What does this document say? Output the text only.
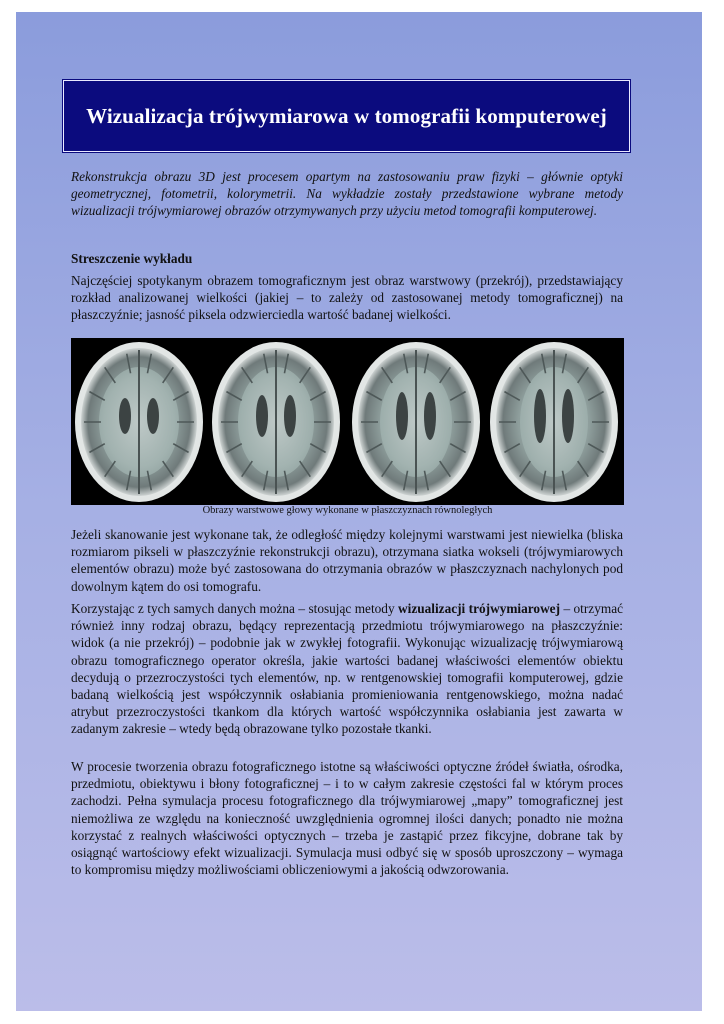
Wizualizacja trójwymiarowa w tomografii komputerowej
Rekonstrukcja obrazu 3D jest procesem opartym na zastosowaniu praw fizyki – głównie optyki geometrycznej, fotometrii, kolorymetrii. Na wykładzie zostały przedstawione wybrane metody wizualizacji trójwymiarowej obrazów otrzymywanych przy użyciu metod tomografii komputerowej.
Streszczenie wykładu
Najczęściej spotykanym obrazem tomograficznym jest obraz warstwowy (przekrój), przedstawiający rozkład analizowanej wielkości (jakiej – to zależy od zastosowanej metody tomograficznej) na płaszczyźnie; jasność piksela odzwierciedla wartość badanej wielkości.
Obrazy warstwowe głowy wykonane w płaszczyznach równoległych
Jeżeli skanowanie jest wykonane tak, że odległość między kolejnymi warstwami jest niewielka (bliska rozmiarom pikseli w płaszczyźnie rekonstrukcji obrazu), otrzymana siatka wokseli (trójwymiarowych elementów obrazu) może być zastosowana do otrzymania obrazów w płaszczyznach nachylonych pod dowolnym kątem do osi tomografu.
Korzystając z tych samych danych można – stosując metody wizualizacji trójwymiarowej – otrzymać również inny rodzaj obrazu, będący reprezentacją przedmiotu trójwymiarowego na płaszczyźnie: widok (a nie przekrój) – podobnie jak w zwykłej fotografii. Wykonując wizualizację trójwymiarową obrazu tomograficznego operator określa, jakie wartości badanej właściwości elementów obiektu decydują o przezroczystości tych elementów, np. w rentgenowskiej tomografii komputerowej, gdzie badaną wielkością jest współczynnik osłabiania promieniowania rentgenowskiego, można nadać atrybut przezroczystości tkankom dla których wartość współczynnika osłabiania jest zawarta w zadanym zakresie – wtedy będą obrazowane tylko pozostałe tkanki.
W procesie tworzenia obrazu fotograficznego istotne są właściwości optyczne źródeł światła, ośrodka, przedmiotu, obiektywu i błony fotograficznej – i to w całym zakresie częstości fal w którym proces zachodzi. Pełna symulacja procesu fotograficznego dla trójwymiarowej „mapy” tomograficznej jest niemożliwa ze względu na konieczność uwzględnienia ogromnej ilości danych; ponadto nie można korzystać z realnych właściwości optycznych – trzeba je zastąpić przez fikcyjne, dobrane tak by osiągnąć wartościowy efekt wizualizacji. Symulacja musi odbyć się w sposób uproszczony – wymaga to kompromisu między możliwościami obliczeniowymi a jakością odwzorowania.
